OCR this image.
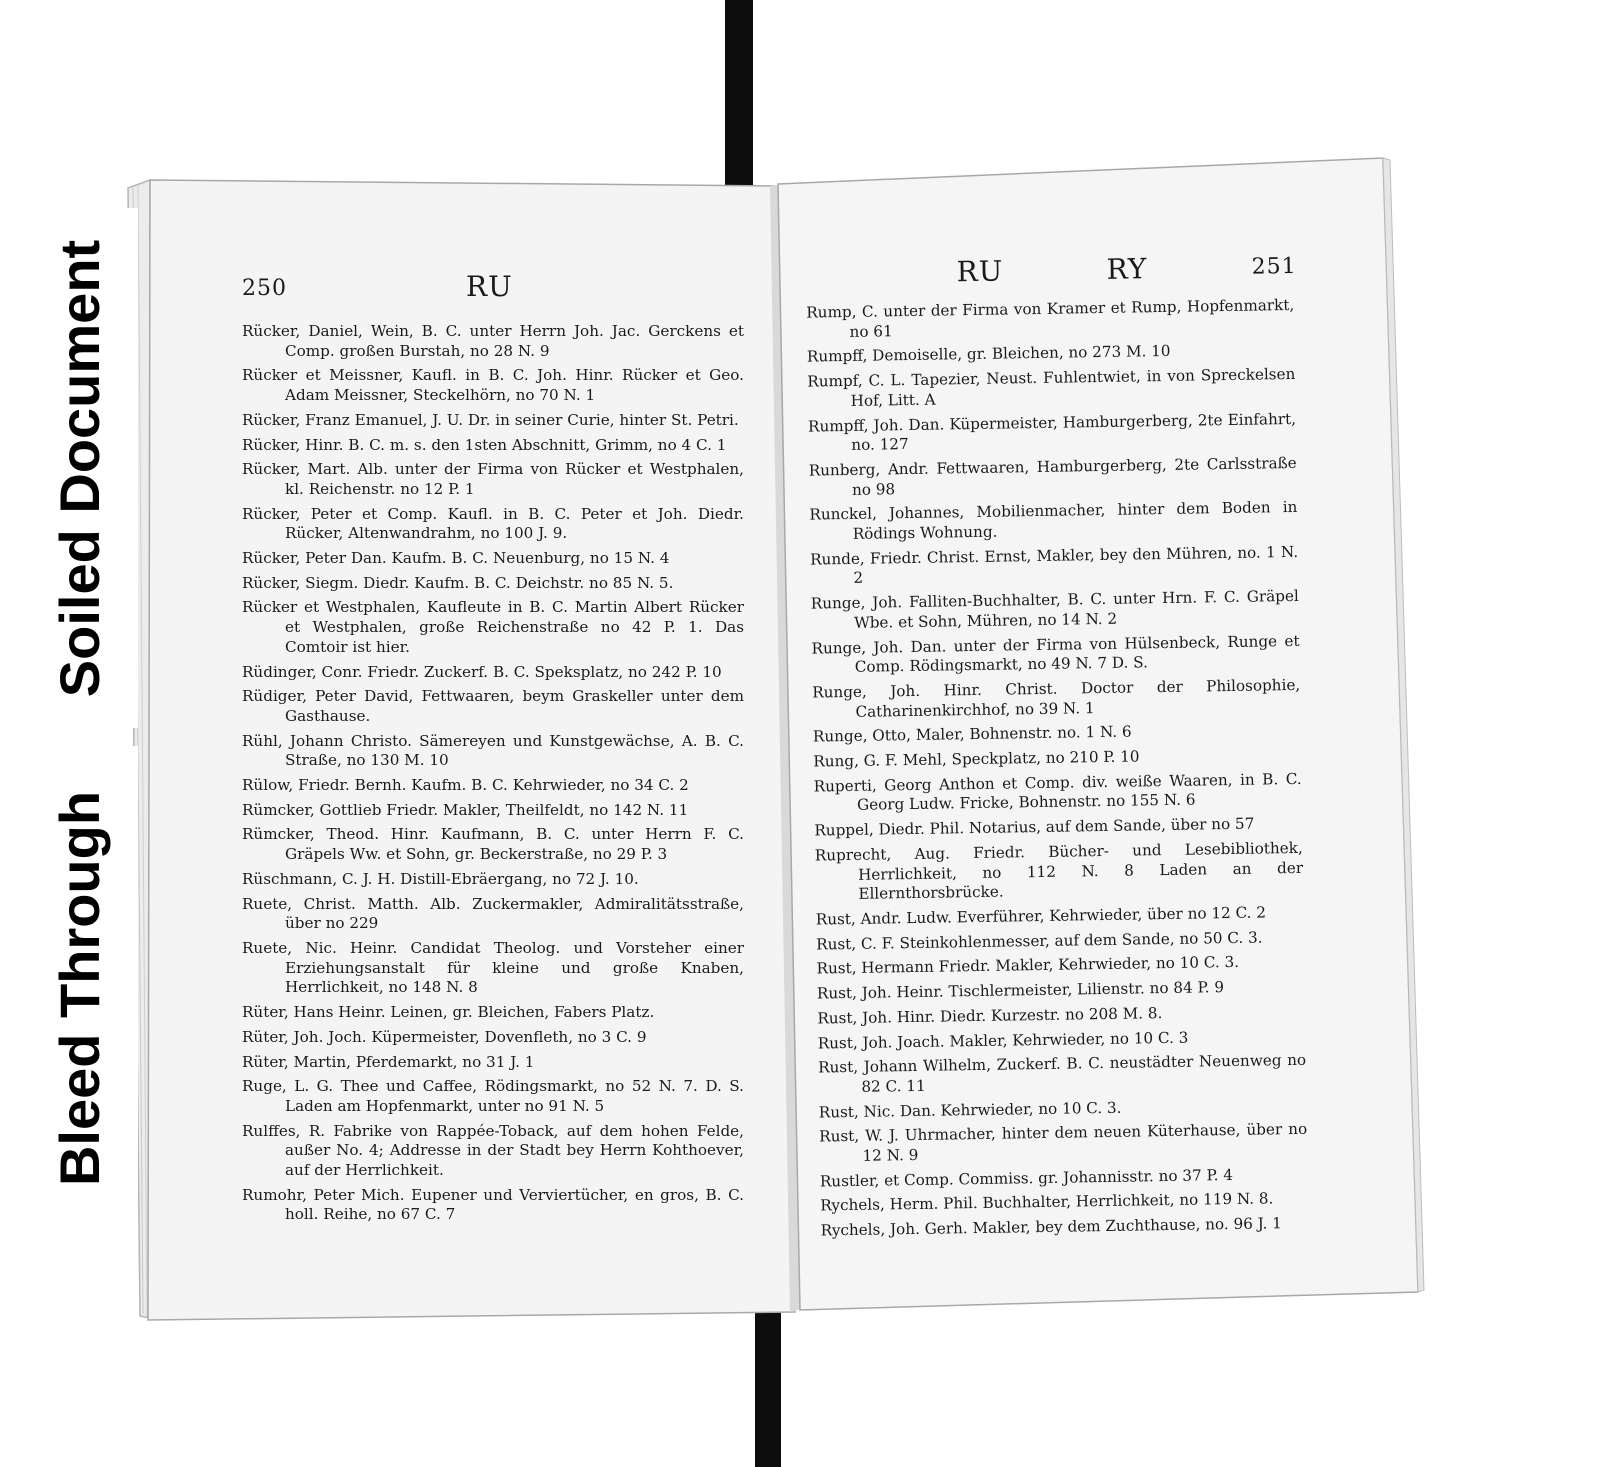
Soiled Document
Bleed Through
250	RU
Rücker, Daniel, Wein, B. C. unter Herrn Joh. Jac. Gerckens et Comp. großen Burstah, no 28 N. 9
Rücker et Meissner, Kaufl. in B. C. Joh. Hinr. Rücker et Geo. Adam Meissner, Steckelhörn, no 70 N. 1
Rücker, Franz Emanuel, J. U. Dr. in seiner Curie, hinter St. Petri.
Rücker, Hinr. B. C. m. s. den 1sten Abschnitt, Grimm, no 4 C. 1
Rücker, Mart. Alb. unter der Firma von Rücker et Westphalen, kl. Reichenstr. no 12 P. 1
Rücker, Peter et Comp. Kaufl. in B. C. Peter et Joh. Diedr. Rücker, Altenwandrahm, no 100 J. 9.
Rücker, Peter Dan. Kaufm. B. C. Neuenburg, no 15 N. 4
Rücker, Siegm. Diedr. Kaufm. B. C. Deichstr. no 85 N. 5.
Rücker et Westphalen, Kaufleute in B. C. Martin Albert Rücker et Westphalen, große Reichenstraße no 42 P. 1. Das Comtoir ist hier.
Rüdinger, Conr. Friedr. Zuckerf. B. C. Speksplatz, no 242 P. 10
Rüdiger, Peter David, Fettwaaren, beym Graskeller unter dem Gasthause.
Rühl, Johann Christo. Sämereyen und Kunstgewächse, A. B. C. Straße, no 130 M. 10
Rülow, Friedr. Bernh. Kaufm. B. C. Kehrwieder, no 34 C. 2
Rümcker, Gottlieb Friedr. Makler, Theilfeldt, no 142 N. 11
Rümcker, Theod. Hinr. Kaufmann, B. C. unter Herrn F. C. Gräpels Ww. et Sohn, gr. Beckerstraße, no 29 P. 3
Rüschmann, C. J. H. Distill-Ebräergang, no 72 J. 10.
Ruete, Christ. Matth. Alb. Zuckermakler, Admiralitätsstraße, über no 229
Ruete, Nic. Heinr. Candidat Theolog. und Vorsteher einer Erziehungsanstalt für kleine und große Knaben, Herrlichkeit, no 148 N. 8
Rüter, Hans Heinr. Leinen, gr. Bleichen, Fabers Platz.
Rüter, Joh. Joch. Küpermeister, Dovenfleth, no 3 C. 9
Rüter, Martin, Pferdemarkt, no 31 J. 1
Ruge, L. G. Thee und Caffee, Rödingsmarkt, no 52 N. 7. D. S. Laden am Hopfenmarkt, unter no 91 N. 5
Rulffes, R. Fabrike von Rappée-Toback, auf dem hohen Felde, außer No. 4; Addresse in der Stadt bey Herrn Kohthoever, auf der Herrlichkeit.
Rumohr, Peter Mich. Eupener und Verviertücher, en gros, B. C. holl. Reihe, no 67 C. 7
RU	RY	251
Rump, C. unter der Firma von Kramer et Rump, Hopfenmarkt, no 61
Rumpff, Demoiselle, gr. Bleichen, no 273 M. 10
Rumpf, C. L. Tapezier, Neust. Fuhlentwiet, in von Spreckelsen Hof, Litt. A
Rumpff, Joh. Dan. Küpermeister, Hamburgerberg, 2te Einfahrt, no. 127
Runberg, Andr. Fettwaaren, Hamburgerberg, 2te Carlsstraße no 98
Runckel, Johannes, Mobilienmacher, hinter dem Boden in Rödings Wohnung.
Runde, Friedr. Christ. Ernst, Makler, bey den Mühren, no. 1 N. 2
Runge, Joh. Falliten-Buchhalter, B. C. unter Hrn. F. C. Gräpel Wbe. et Sohn, Mühren, no 14 N. 2
Runge, Joh. Dan. unter der Firma von Hülsenbeck, Runge et Comp. Rödingsmarkt, no 49 N. 7 D. S.
Runge, Joh. Hinr. Christ. Doctor der Philosophie, Catharinenkirchhof, no 39 N. 1
Runge, Otto, Maler, Bohnenstr. no. 1 N. 6
Rung, G. F. Mehl, Speckplatz, no 210 P. 10
Ruperti, Georg Anthon et Comp. div. weiße Waaren, in B. C. Georg Ludw. Fricke, Bohnenstr. no 155 N. 6
Ruppel, Diedr. Phil. Notarius, auf dem Sande, über no 57
Ruprecht, Aug. Friedr. Bücher- und Lesebibliothek, Herrlichkeit, no 112 N. 8 Laden an der Ellernthorsbrücke.
Rust, Andr. Ludw. Everführer, Kehrwieder, über no 12 C. 2
Rust, C. F. Steinkohlenmesser, auf dem Sande, no 50 C. 3.
Rust, Hermann Friedr. Makler, Kehrwieder, no 10 C. 3.
Rust, Joh. Heinr. Tischlermeister, Lilienstr. no 84 P. 9
Rust, Joh. Hinr. Diedr. Kurzestr. no 208 M. 8.
Rust, Joh. Joach. Makler, Kehrwieder, no 10 C. 3
Rust, Johann Wilhelm, Zuckerf. B. C. neustädter Neuenweg no 82 C. 11
Rust, Nic. Dan. Kehrwieder, no 10 C. 3.
Rust, W. J. Uhrmacher, hinter dem neuen Küterhause, über no 12 N. 9
Rustler, et Comp. Commiss. gr. Johannisstr. no 37 P. 4
Rychels, Herm. Phil. Buchhalter, Herrlichkeit, no 119 N. 8.
Rychels, Joh. Gerh. Makler, bey dem Zuchthause, no. 96 J. 1
